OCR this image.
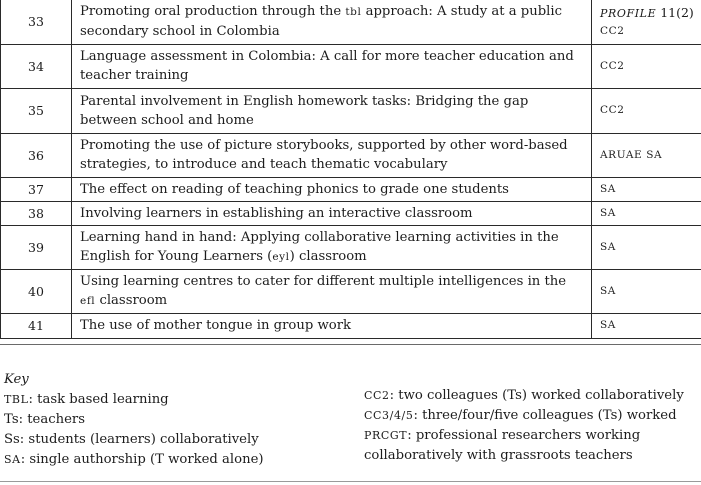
33	Promoting oral production through the tbl approach: A study at a public secondary school in Colombia	PROFILE 11(2)
CC2
34	Language assessment in Colombia: A call for more teacher education and teacher training	CC2
35	Parental involvement in English homework tasks: Bridging the gap between school and home	CC2
36	Promoting the use of picture storybooks, supported by other word-based strategies, to introduce and teach thematic vocabulary	ARUAE SA
37	The effect on reading of teaching phonics to grade one students	SA
38	Involving learners in establishing an interactive classroom	SA
39	Learning hand in hand: Applying collaborative learning activities in the English for Young Learners (eyl) classroom	SA
40	Using learning centres to cater for different multiple intelligences in the efl classroom	SA
41	The use of mother tongue in group work	SA
Key
TBL: task based learning
Ts: teachers
Ss: students (learners) collaboratively
SA: single authorship (T worked alone)
CC2: two colleagues (Ts) worked collaboratively
CC3/4/5: three/four/five colleagues (Ts) worked
PRCGT: professional researchers working
collaboratively with grassroots teachers
